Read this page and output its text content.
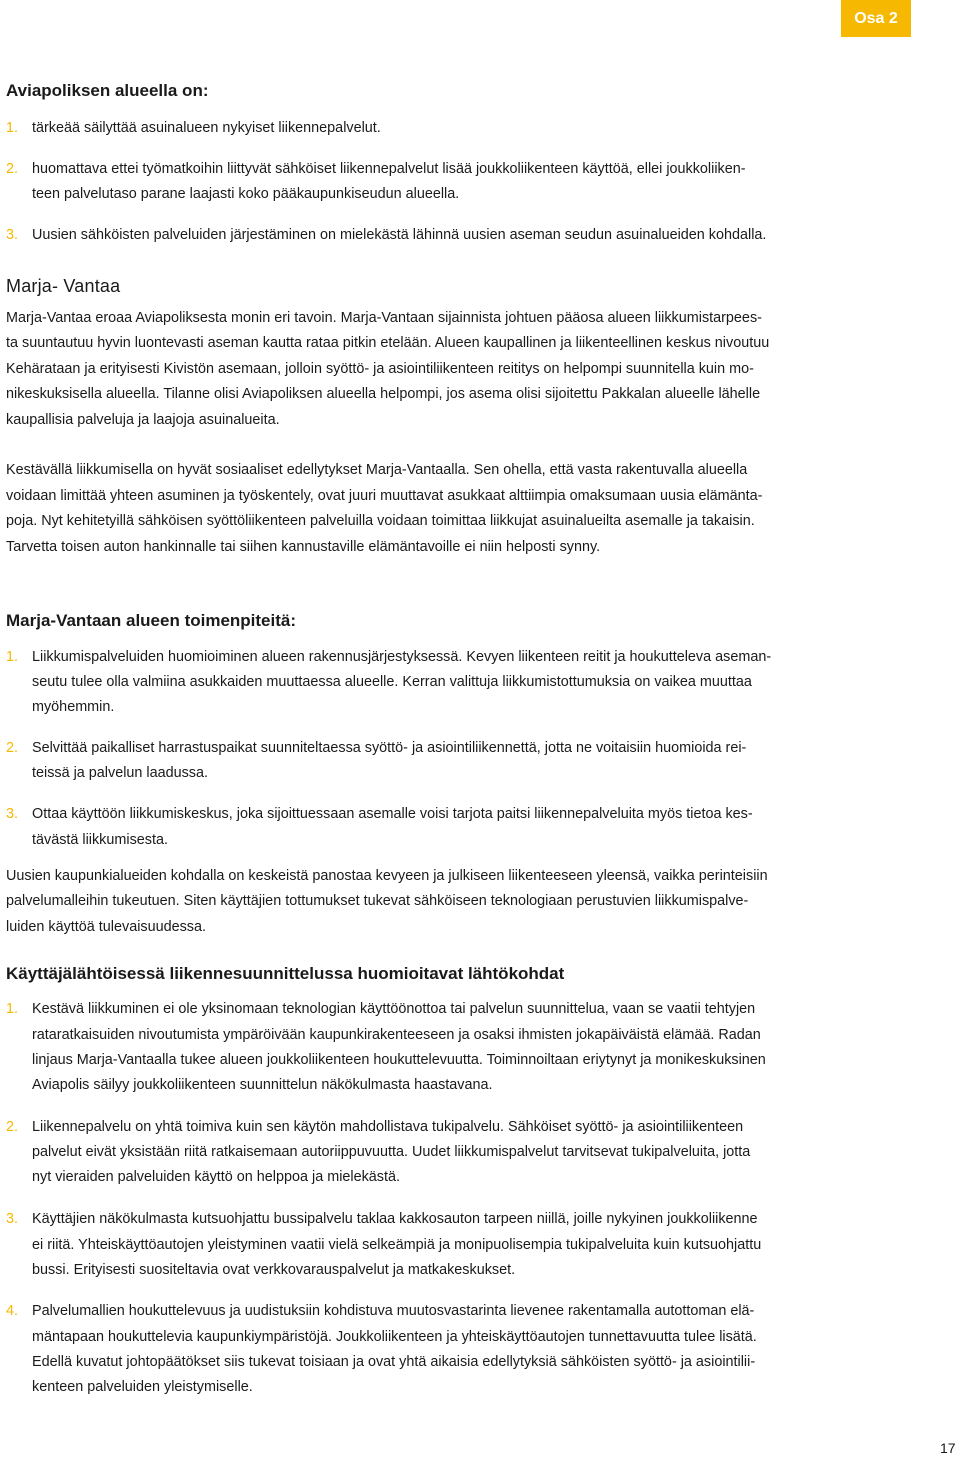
Osa 2
Aviapoliksen alueella on:
1. tärkeää säilyttää asuinalueen nykyiset liikennepalvelut.
2. huomattava ettei työmatkoihin liittyvät sähköiset liikennepalvelut lisää joukkoliikenteen käyttöä, ellei joukkoliiken-
teen palvelutaso parane laajasti koko pääkaupunkiseudun alueella.
3. Uusien sähköisten palveluiden järjestäminen on mielekästä lähinnä uusien aseman seudun asuinalueiden kohdalla.
Marja- Vantaa
Marja-Vantaa eroaa Aviapoliksesta monin eri tavoin. Marja-Vantaan sijainnista johtuen pääosa alueen liikkumistarpees-
ta suuntautuu hyvin luontevasti aseman kautta rataa pitkin etelään. Alueen kaupallinen ja liikenteellinen keskus nivoutuu
Kehärataan ja erityisesti Kivistön asemaan, jolloin syöttö- ja asiointiliikenteen reititys on helpompi suunnitella kuin mo-
nikeskuksisella alueella. Tilanne olisi Aviapoliksen alueella helpompi, jos asema olisi sijoitettu Pakkalan alueelle lähelle
kaupallisia palveluja ja laajoja asuinalueita.
Kestävällä liikkumisella on hyvät sosiaaliset edellytykset Marja-Vantaalla. Sen ohella, että vasta rakentuvalla alueella
voidaan limittää yhteen asuminen ja työskentely, ovat juuri muuttavat asukkaat alttiimpia omaksumaan uusia elämänta-
poja. Nyt kehitetyillä sähköisen syöttöliikenteen palveluilla voidaan toimittaa liikkujat asuinalueilta asemalle ja takaisin.
Tarvetta toisen auton hankinnalle tai siihen kannustaville elämäntavoille ei niin helposti synny.
Marja-Vantaan alueen toimenpiteitä:
1. Liikkumispalveluiden huomioiminen alueen rakennusjärjestyksessä. Kevyen liikenteen reitit ja houkutteleva aseman-
seutu tulee olla valmiina asukkaiden muuttaessa alueelle. Kerran valittuja liikkumistottumuksia on vaikea muuttaa
myöhemmin.
2. Selvittää paikalliset harrastuspaikat suunniteltaessa syöttö- ja asiointiliikennettä, jotta ne voitaisiin huomioida rei-
teissä ja palvelun laadussa.
3. Ottaa käyttöön liikkumiskeskus, joka sijoittuessaan asemalle voisi tarjota paitsi liikennepalveluita myös tietoa kes-
tävästä liikkumisesta.
Uusien kaupunkialueiden kohdalla on keskeistä panostaa kevyeen ja julkiseen liikenteeseen yleensä, vaikka perinteisiin
palvelumalleihin tukeutuen. Siten käyttäjien tottumukset tukevat sähköiseen teknologiaan perustuvien liikkumispalve-
luiden käyttöä tulevaisuudessa.
Käyttäjälähtöisessä liikennesuunnittelussa huomioitavat lähtökohdat
1. Kestävä liikkuminen ei ole yksinomaan teknologian käyttöönottoa tai palvelun suunnittelua, vaan se vaatii tehtyjen
rataratkaisuiden nivoutumista ympäröivään kaupunkirakenteeseen ja osaksi ihmisten jokapäiväistä elämää. Radan
linjaus Marja-Vantaalla tukee alueen joukkoliikenteen houkuttelevuutta. Toiminnoiltaan eriytynyt ja monikeskuksinen
Aviapolis säilyy joukkoliikenteen suunnittelun näkökulmasta haastavana.
2. Liikennepalvelu on yhtä toimiva kuin sen käytön mahdollistava tukipalvelu. Sähköiset syöttö- ja asiointiliikenteen
palvelut eivät yksistään riitä ratkaisemaan autoriippuvuutta. Uudet liikkumispalvelut tarvitsevat tukipalveluita, jotta
nyt vieraiden palveluiden käyttö on helppoa ja mielekästä.
3. Käyttäjien näkökulmasta kutsuohjattu bussipalvelu taklaa kakkosauton tarpeen niillä, joille nykyinen joukkoliikenne
ei riitä. Yhteiskäyttöautojen yleistyminen vaatii vielä selkeämpiä ja monipuolisempia tukipalveluita kuin kutsuohjattu
bussi. Erityisesti suositeltavia ovat verkkovarauspalvelut ja matkakeskukset.
4. Palvelumallien houkuttelevuus ja uudistuksiin kohdistuva muutosvastarinta lievenee rakentamalla autottoman elä-
mäntapaan houkuttelevia kaupunkiympäristöjä. Joukkoliikenteen ja yhteiskäyttöautojen tunnettavuutta tulee lisätä.
Edellä kuvatut johtopäätökset siis tukevat toisiaan ja ovat yhtä aikaisia edellytyksiä sähköisten syöttö- ja asiointilii-
kenteen palveluiden yleistymiselle.
17
